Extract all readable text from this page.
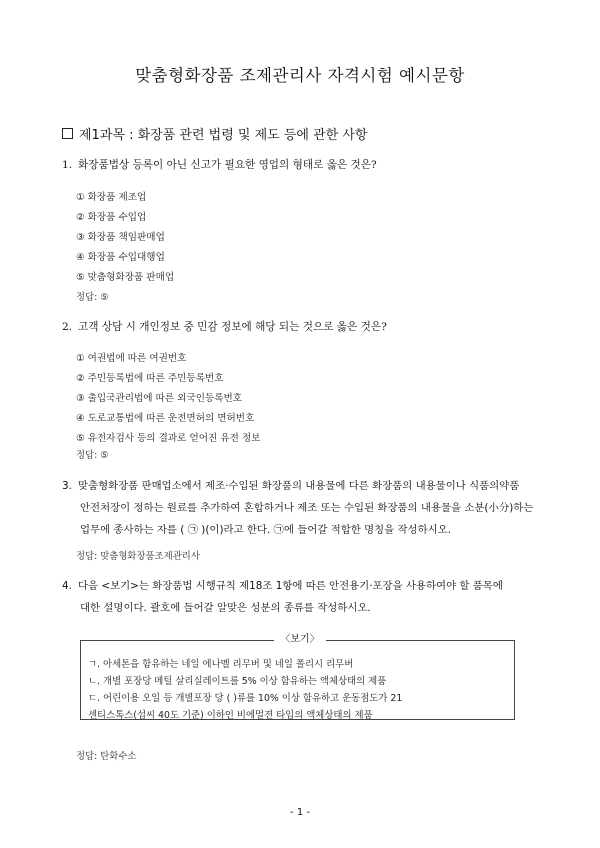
맞춤형화장품 조제관리사 자격시험 예시문항
제1과목 : 화장품 관련 법령 및 제도 등에 관한 사항
1. 화장품법상 등록이 아닌 신고가 필요한 영업의 형태로 옳은 것은?
① 화장품 제조업
② 화장품 수입업
③ 화장품 책임판매업
④ 화장품 수입대행업
⑤ 맞춤형화장품 판매업
정답: ⑤
2. 고객 상담 시 개인정보 중 민감 정보에 해당 되는 것으로 옳은 것은?
① 여권법에 따른 여권번호
② 주민등록법에 따른 주민등록번호
③ 출입국관리법에 따른 외국인등록번호
④ 도로교통법에 따른 운전면허의 면허번호
⑤ 유전자검사 등의 결과로 얻어진 유전 정보
정답: ⑤
3. 맞춤형화장품 판매업소에서 제조·수입된 화장품의 내용물에 다른 화장품의 내용물이나 식품의약품
안전처장이 정하는 원료를 추가하여 혼합하거나 제조 또는 수입된 화장품의 내용물을 소분(小分)하는
업무에 종사하는 자를 ( ㉠ )(이)라고 한다. ㉠에 들어갈 적합한 명칭을 작성하시오.
정답: 맞춤형화장품조제관리사
4. 다음 <보기>는 화장품법 시행규칙 제18조 1항에 따른 안전용기·포장을 사용하여야 할 품목에
대한 설명이다. 괄호에 들어갈 알맞은 성분의 종류를 작성하시오.
〈보기〉
ㄱ. 아세톤을 함유하는 네일 에나멜 리무버 및 네일 폴리시 리무버
ㄴ. 개별 포장당 메틸 살리실레이트를 5% 이상 함유하는 액체상태의 제품
ㄷ. 어린이용 오일 등 개별포장 당 ( )류를 10% 이상 함유하고 운동점도가 21
센티스톡스(섭씨 40도 기준) 이하인 비에멀젼 타입의 액체상태의 제품
정답: 탄화수소
- 1 -
